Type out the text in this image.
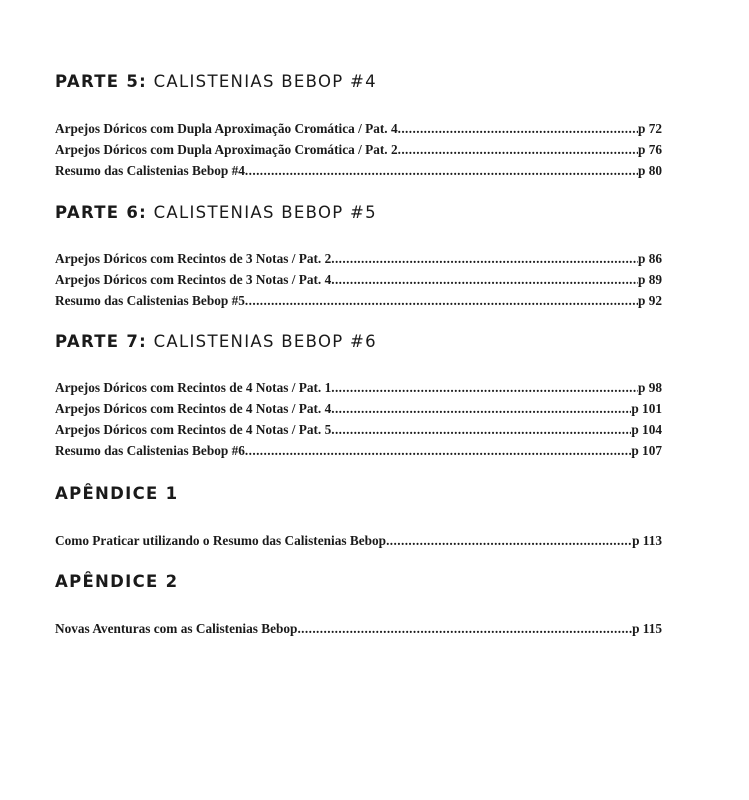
PARTE 5: CALISTENIAS BEBOP #4
Arpejos Dóricos com Dupla Aproximação Cromática / Pat. 4 .....	p 72
Arpejos Dóricos com Dupla Aproximação Cromática / Pat. 2 .....	p 76
Resumo das Calistenias Bebop #4 .....	p 80
PARTE 6: CALISTENIAS BEBOP #5
Arpejos Dóricos com Recintos de 3 Notas / Pat. 2 .....	p 86
Arpejos Dóricos com Recintos de 3 Notas / Pat. 4 .....	p 89
Resumo das Calistenias Bebop #5 .....	p 92
PARTE 7: CALISTENIAS BEBOP #6
Arpejos Dóricos com Recintos de 4 Notas / Pat. 1 .....	p 98
Arpejos Dóricos com Recintos de 4 Notas / Pat. 4 .....	p 101
Arpejos Dóricos com Recintos de 4 Notas / Pat. 5 .....	p 104
Resumo das Calistenias Bebop #6 .....	p 107
APÊNDICE 1
Como Praticar utilizando o Resumo das Calistenias Bebop .....	p 113
APÊNDICE 2
Novas Aventuras com as Calistenias Bebop .....	p 115
